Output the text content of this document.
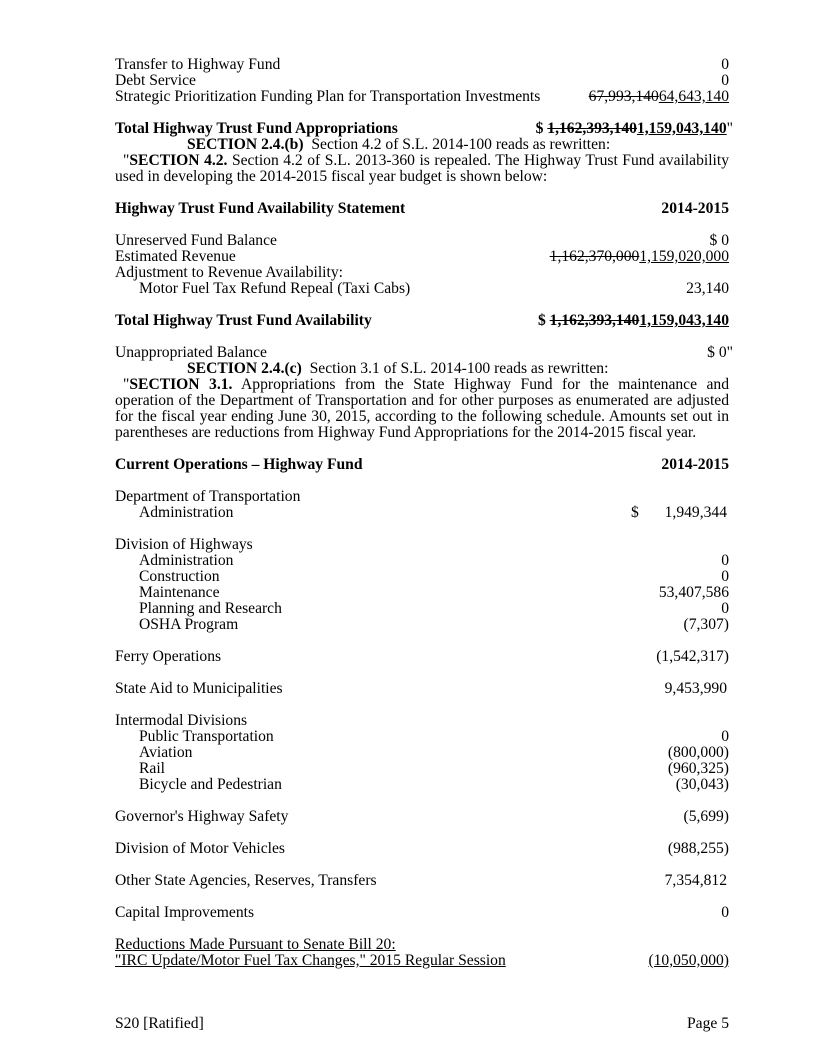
Transfer to Highway Fund	0
Debt Service	0
Strategic Prioritization Funding Plan for Transportation Investments	67,993,14064,643,140
Total Highway Trust Fund Appropriations	$ 1,162,393,1401,159,043,140"
SECTION 2.4.(b)  Section 4.2 of S.L. 2014-100 reads as rewritten:
"SECTION 4.2. Section 4.2 of S.L. 2013-360 is repealed. The Highway Trust Fund availability used in developing the 2014-2015 fiscal year budget is shown below:
Highway Trust Fund Availability Statement	2014-2015
Unreserved Fund Balance	$ 0
Estimated Revenue	1,162,370,0001,159,020,000
Adjustment to Revenue Availability:
Motor Fuel Tax Refund Repeal (Taxi Cabs)	23,140
Total Highway Trust Fund Availability	$ 1,162,393,1401,159,043,140
Unappropriated Balance	$ 0"
SECTION 2.4.(c)  Section 3.1 of S.L. 2014-100 reads as rewritten:
"SECTION 3.1. Appropriations from the State Highway Fund for the maintenance and operation of the Department of Transportation and for other purposes as enumerated are adjusted for the fiscal year ending June 30, 2015, according to the following schedule. Amounts set out in parentheses are reductions from Highway Fund Appropriations for the 2014-2015 fiscal year.
Current Operations – Highway Fund	2014-2015
Department of Transportation
Administration	$ 1,949,344
Division of Highways
Administration	0
Construction	0
Maintenance	53,407,586
Planning and Research	0
OSHA Program	(7,307)
Ferry Operations	(1,542,317)
State Aid to Municipalities	9,453,990
Intermodal Divisions
Public Transportation	0
Aviation	(800,000)
Rail	(960,325)
Bicycle and Pedestrian	(30,043)
Governor's Highway Safety	(5,699)
Division of Motor Vehicles	(988,255)
Other State Agencies, Reserves, Transfers	7,354,812
Capital Improvements	0
Reductions Made Pursuant to Senate Bill 20:
"IRC Update/Motor Fuel Tax Changes," 2015 Regular Session	(10,050,000)
S20 [Ratified]	Page 5
